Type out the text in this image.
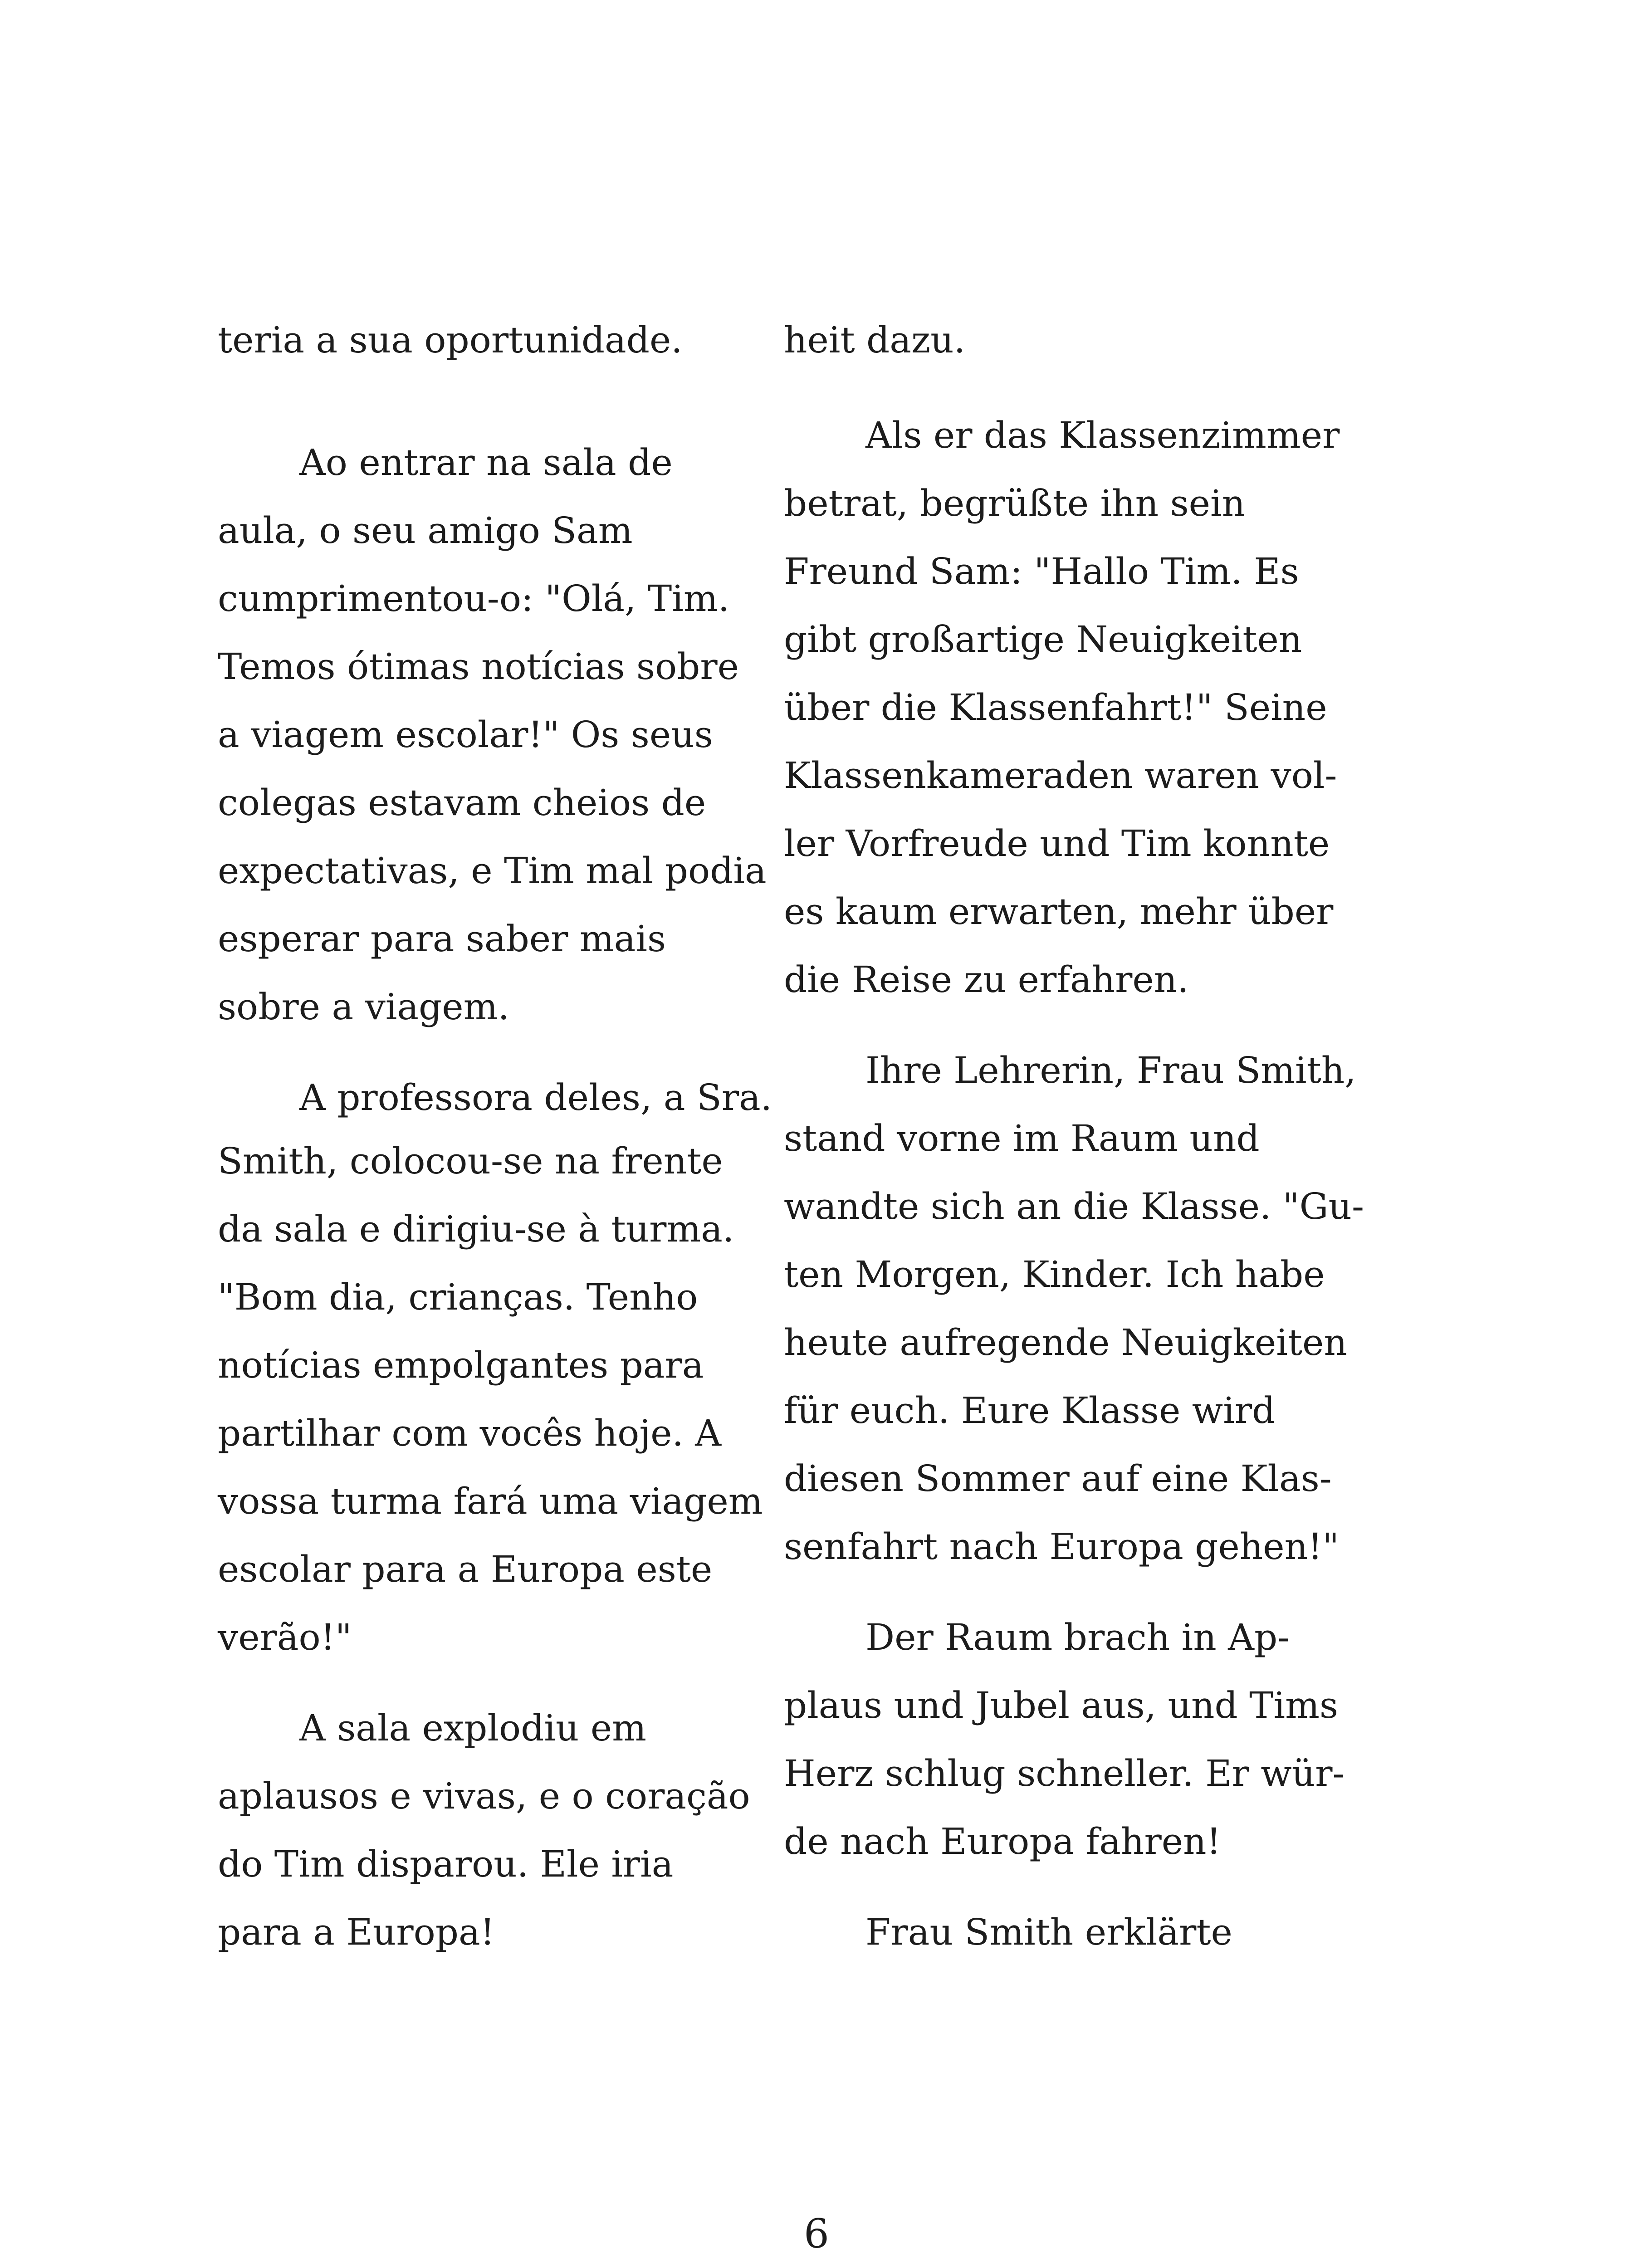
teria a sua oportunidade.
Ao entrar na sala de
aula, o seu amigo Sam
cumprimentou-o: "Olá, Tim.
Temos ótimas notícias sobre
a viagem escolar!" Os seus
colegas estavam cheios de
expectativas, e Tim mal podia
esperar para saber mais
sobre a viagem.
A professora deles, a Sra.
Smith, colocou-se na frente
da sala e dirigiu-se à turma.
"Bom dia, crianças. Tenho
notícias empolgantes para
partilhar com vocês hoje. A
vossa turma fará uma viagem
escolar para a Europa este
verão!"
A sala explodiu em
aplausos e vivas, e o coração
do Tim disparou. Ele iria
para a Europa!
heit dazu.
Als er das Klassenzimmer
betrat, begrüßte ihn sein
Freund Sam: "Hallo Tim. Es
gibt großartige Neuigkeiten
über die Klassenfahrt!" Seine
Klassenkameraden waren vol-
ler Vorfreude und Tim konnte
es kaum erwarten, mehr über
die Reise zu erfahren.
Ihre Lehrerin, Frau Smith,
stand vorne im Raum und
wandte sich an die Klasse. "Gu-
ten Morgen, Kinder. Ich habe
heute aufregende Neuigkeiten
für euch. Eure Klasse wird
diesen Sommer auf eine Klas-
senfahrt nach Europa gehen!"
Der Raum brach in Ap-
plaus und Jubel aus, und Tims
Herz schlug schneller. Er wür-
de nach Europa fahren!
Frau Smith erklärte
6
